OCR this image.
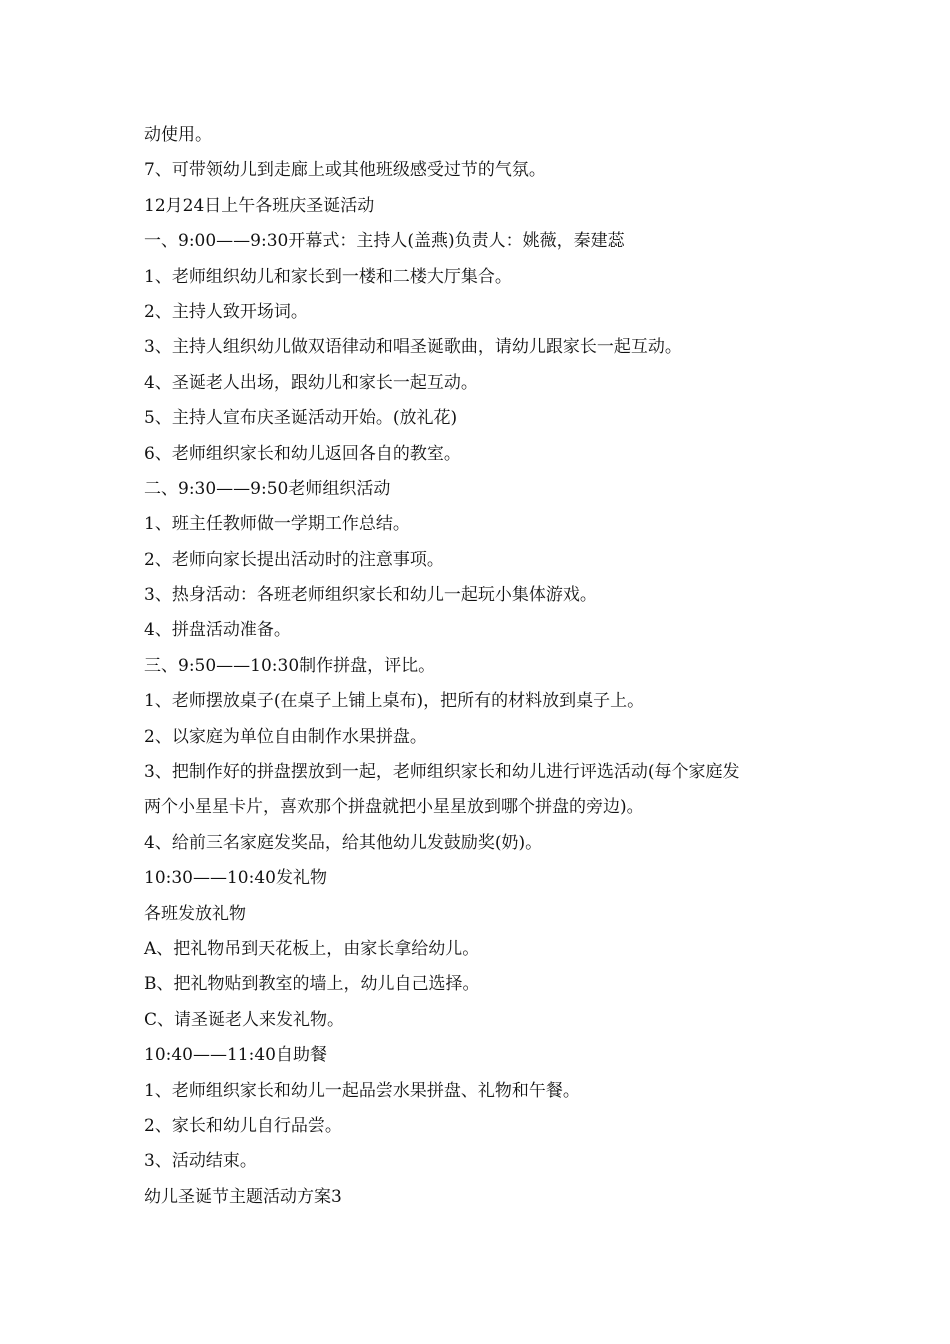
动使用。

7、可带领幼儿到走廊上或其他班级感受过节的气氛。

12月24日上午各班庆圣诞活动

一、9:00——9:30开幕式：主持人(盖燕)负责人：姚薇，秦建蕊

1、老师组织幼儿和家长到一楼和二楼大厅集合。

2、主持人致开场词。

3、主持人组织幼儿做双语律动和唱圣诞歌曲，请幼儿跟家长一起互动。

4、圣诞老人出场，跟幼儿和家长一起互动。

5、主持人宣布庆圣诞活动开始。(放礼花)

6、老师组织家长和幼儿返回各自的教室。

二、9:30——9:50老师组织活动

1、班主任教师做一学期工作总结。

2、老师向家长提出活动时的注意事项。

3、热身活动：各班老师组织家长和幼儿一起玩小集体游戏。

4、拼盘活动准备。

三、9:50——10:30制作拼盘，评比。

1、老师摆放桌子(在桌子上铺上桌布)，把所有的材料放到桌子上。

2、以家庭为单位自由制作水果拼盘。

3、把制作好的拼盘摆放到一起，老师组织家长和幼儿进行评选活动(每个家庭发

两个小星星卡片，喜欢那个拼盘就把小星星放到哪个拼盘的旁边)。

4、给前三名家庭发奖品，给其他幼儿发鼓励奖(奶)。

10:30——10:40发礼物

各班发放礼物

A、把礼物吊到天花板上，由家长拿给幼儿。

B、把礼物贴到教室的墙上，幼儿自己选择。

C、请圣诞老人来发礼物。

10:40——11:40自助餐

1、老师组织家长和幼儿一起品尝水果拼盘、礼物和午餐。

2、家长和幼儿自行品尝。

3、活动结束。

幼儿圣诞节主题活动方案3
